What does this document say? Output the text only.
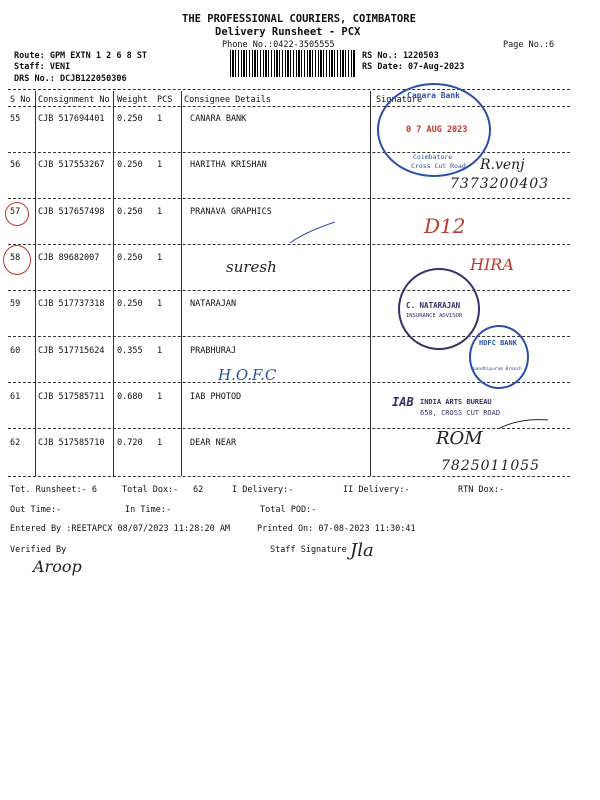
THE PROFESSIONAL COURIERS, COIMBATORE
Delivery Runsheet - PCX
Phone No.:0422-3505555	Page No.:6
Route: GPM EXTN 1 2 6 8 ST
Staff: VENI
DRS No.: DCJB122050306
RS No.: 1220503
RS Date: 07-Aug-2023
S No Consignment No Weight PCS Consignee Details	Signature
55 CJB 517694401 0.250 1	CANARA BANK
56 CJB 517553267 0.250 1	HARITHA KRISHAN
57 CJB 517657498 0.250 1	PRANAVA GRAPHICS
58 CJB 89682007 0.250 1
59 CJB 517737318 0.250 1	NATARAJAN
60 CJB 517715624 0.355 1	PRABHURAJ
61 CJB 517585711 0.680 1	IAB PHOTOD
62 CJB 517585710 0.720 1	DEAR NEAR
Tot. Runsheet:- 6	Total Dox:- 62	I Delivery:-	II Delivery:-	RTN Dox:-
Out Time:-	In Time:-	Total POD:-
Entered By :REETAPCX 08/07/2023 11:28:20 AM	Printed On: 07-08-2023 11:30:41
Verified By	Staff Signature
Canara Bank
0 7 AUG 2023
Coimbatore
Cross Cut Road
C. NATARAJAN
INSURANCE ADVISOR
HDFC BANK
Gandhipuram Branch
IAB INDIA ARTS BUREAU
650, CROSS CUT ROAD
R.venj
7373200403
D12
suresh	HIRA
H.O.F.C
ROM
7825011055
Aroop
Jla
